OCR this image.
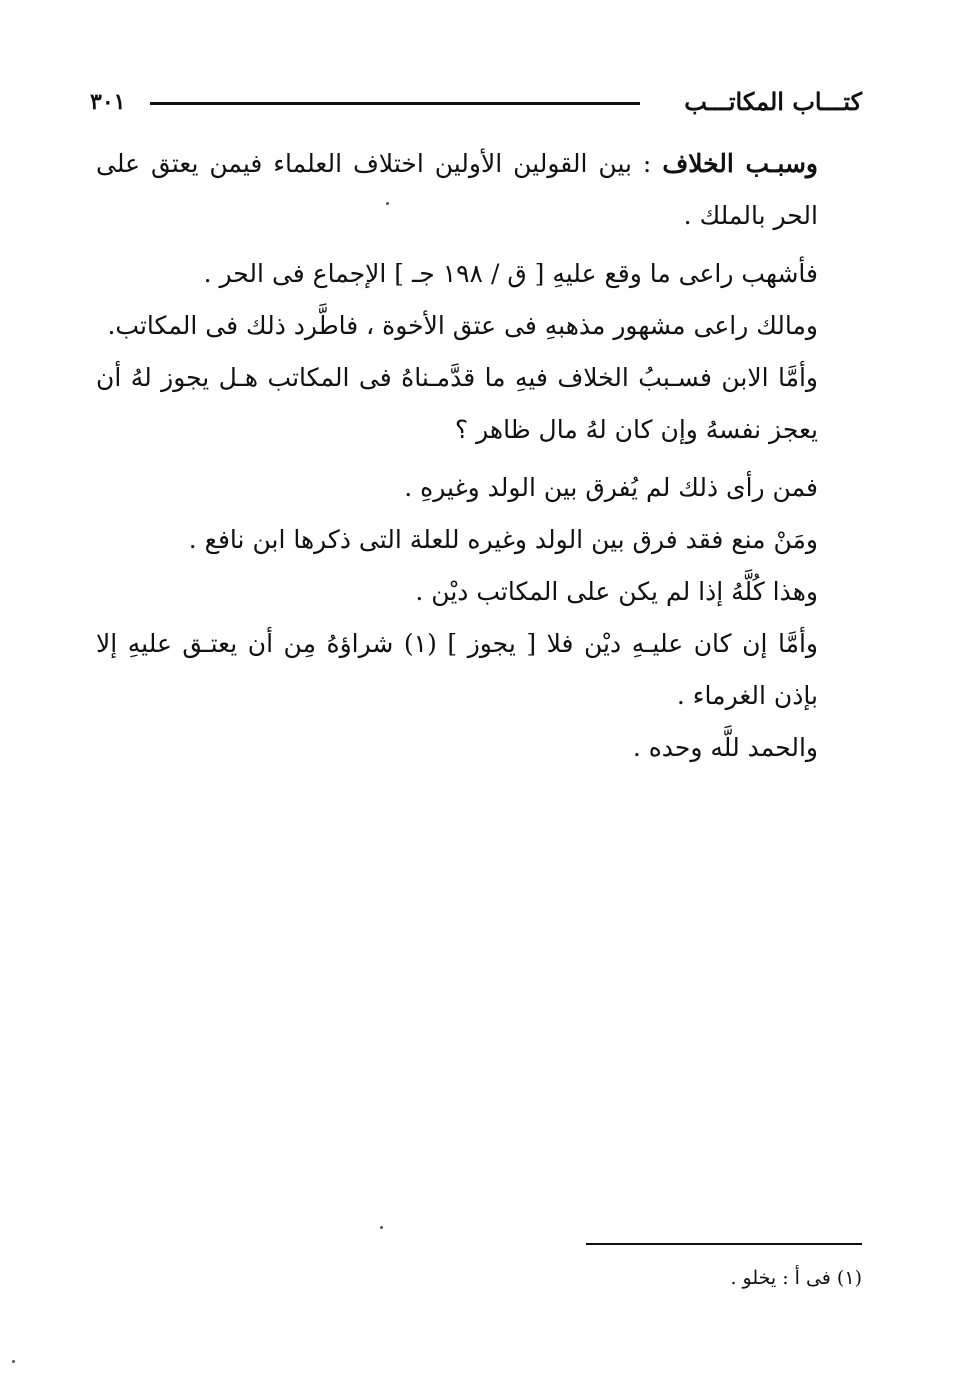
كتـــاب المكاتـــب
٣٠١

وسبـب الخلاف : بين القولين الأولين اختلاف العلماء فيمن يعتق على الحر بالملك .

فأشهب راعى ما وقع عليهِ [ ق / ١٩٨ جـ ] الإجماع فى الحر .

ومالك راعى مشهور مذهبهِ فى عتق الأخوة ، فاطَّرد ذلك فى المكاتب.

وأمَّا الابن فسـببُ الخلاف فيهِ ما قدَّمـناهُ فى المكاتب هـل يجوز لهُ أن يعجز نفسهُ وإن كان لهُ مال ظاهر ؟

فمن رأى ذلك لم يُفرق بين الولد وغيرهِ .

ومَنْ منع فقد فرق بين الولد وغيره للعلة التى ذكرها ابن نافع .

وهذا كُلَّهُ إذا لم يكن على المكاتب ديْن .

وأمَّا إن كان عليـهِ ديْن فلا [ يجوز ] (١) شراؤهُ مِن أن يعتـق عليهِ إلا بإذن الغرماء .

والحمد للَّه وحده .

(١) فى أ : يخلو .
